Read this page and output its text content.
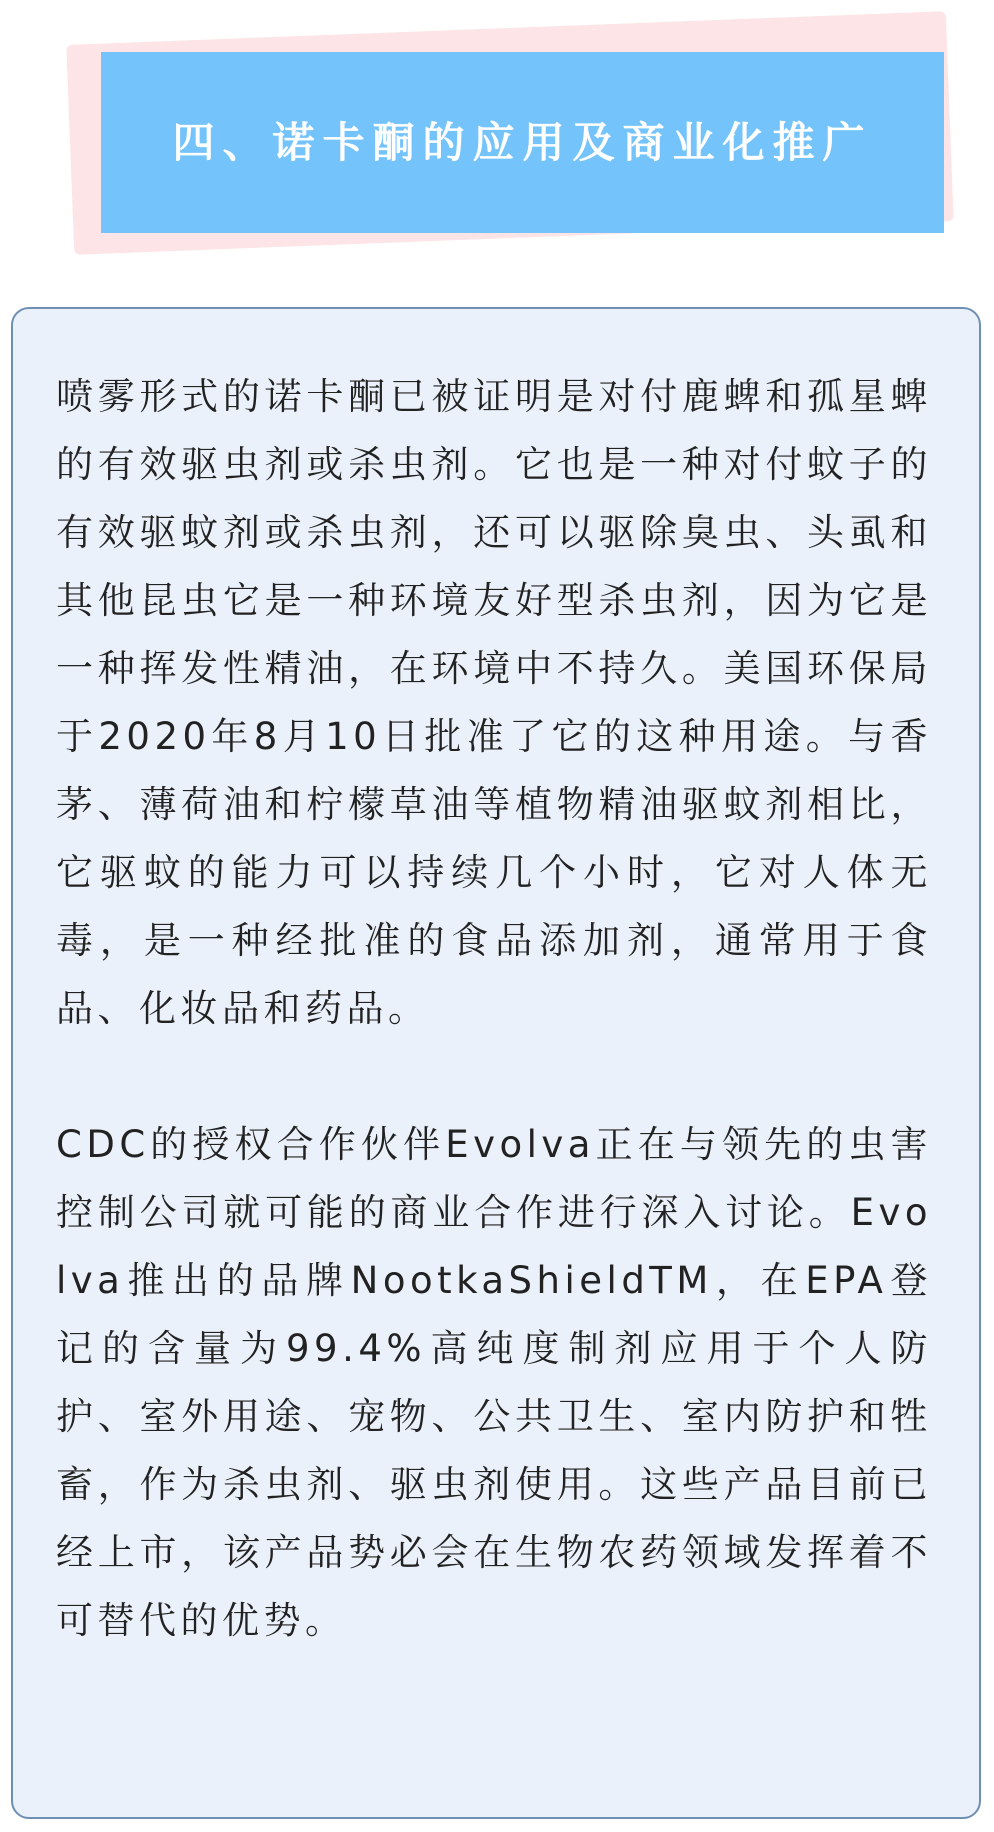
四、诺卡酮的应用及商业化推广

喷雾形式的诺卡酮已被证明是对付鹿蜱和孤星蜱的有效驱虫剂或杀虫剂。它也是一种对付蚊子的有效驱蚊剂或杀虫剂，还可以驱除臭虫、头虱和其他昆虫它是一种环境友好型杀虫剂，因为它是一种挥发性精油，在环境中不持久。美国环保局于2020年8月10日批准了它的这种用途。与香茅、薄荷油和柠檬草油等植物精油驱蚊剂相比，它驱蚊的能力可以持续几个小时，它对人体无毒，是一种经批准的食品添加剂，通常用于食品、化妆品和药品。

CDC的授权合作伙伴Evolva正在与领先的虫害控制公司就可能的商业合作进行深入讨论。Evolva推出的品牌NootkaShieldTM，在EPA登记的含量为99.4%高纯度制剂应用于个人防护、室外用途、宠物、公共卫生、室内防护和牲畜，作为杀虫剂、驱虫剂使用。这些产品目前已经上市，该产品势必会在生物农药领域发挥着不可替代的优势。
